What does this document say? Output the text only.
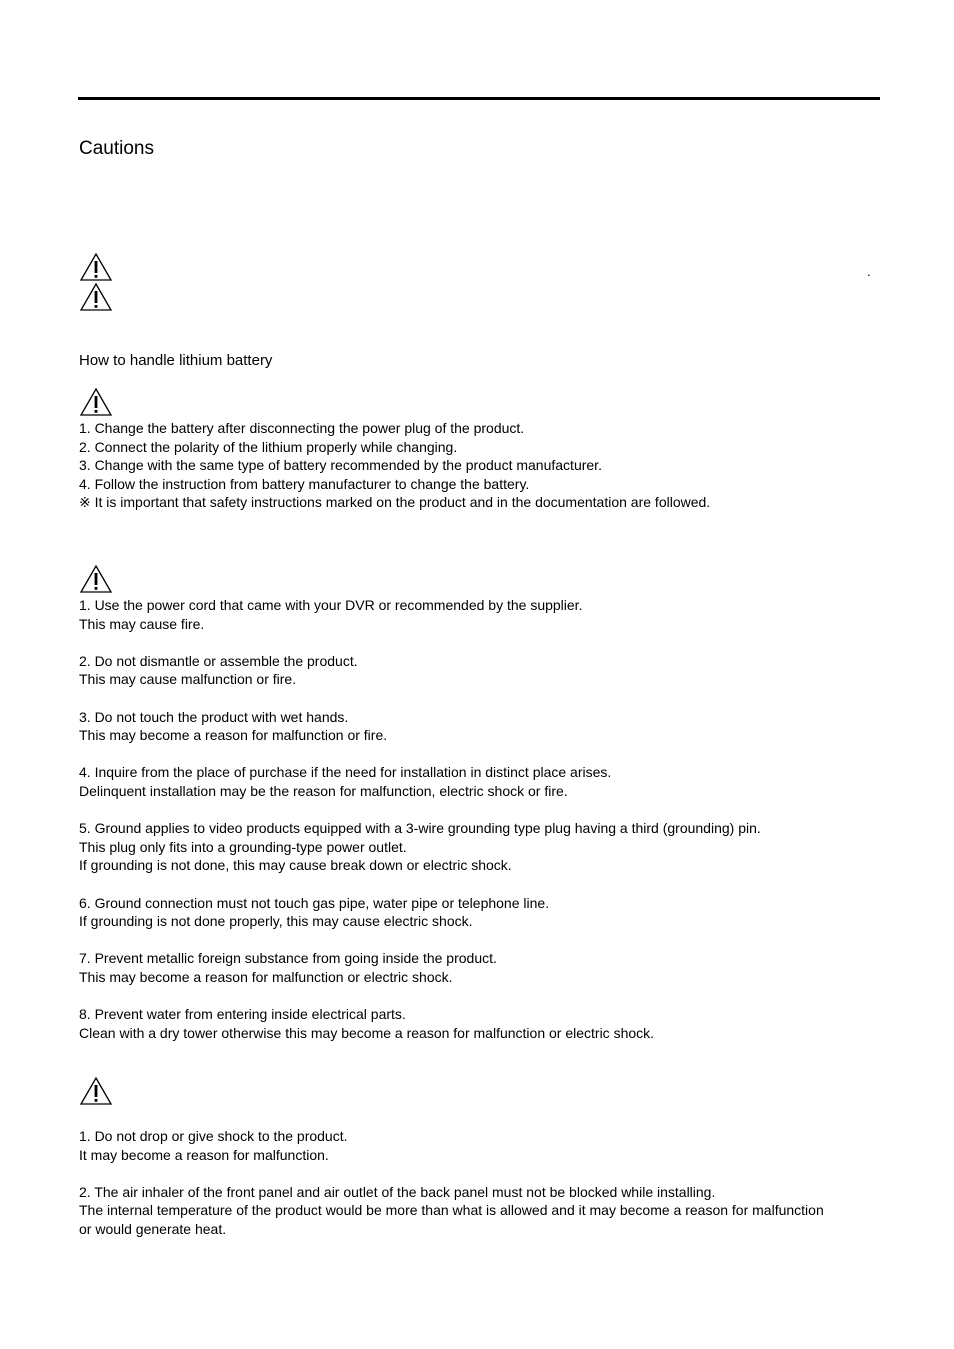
Cautions
.
How to handle lithium battery
1. Change the battery after disconnecting the power plug of the product.
2. Connect the polarity of the lithium properly while changing.
3. Change with the same type of battery recommended by the product manufacturer.
4. Follow the instruction from battery manufacturer to change the battery.
※ It is important that safety instructions marked on the product and in the documentation are followed.
1. Use the power cord that came with your DVR or recommended by the supplier.
This may cause fire.
2. Do not dismantle or assemble the product.
This may cause malfunction or fire.
3. Do not touch the product with wet hands.
This may become a reason for malfunction or fire.
4. Inquire from the place of purchase if the need for installation in distinct place arises.
Delinquent installation may be the reason for malfunction, electric shock or fire.
5. Ground applies to video products equipped with a 3-wire grounding type plug having a third (grounding) pin.
This plug only fits into a grounding-type power outlet.
If grounding is not done, this may cause break down or electric shock.
6. Ground connection must not touch gas pipe, water pipe or telephone line.
If grounding is not done properly, this may cause electric shock.
7. Prevent metallic foreign substance from going inside the product.
This may become a reason for malfunction or electric shock.
8. Prevent water from entering inside electrical parts.
Clean with a dry tower otherwise this may become a reason for malfunction or electric shock.
1. Do not drop or give shock to the product.
It may become a reason for malfunction.
2. The air inhaler of the front panel and air outlet of the back panel must not be blocked while installing.
The internal temperature of the product would be more than what is allowed and it may become a reason for malfunction
or would generate heat.
